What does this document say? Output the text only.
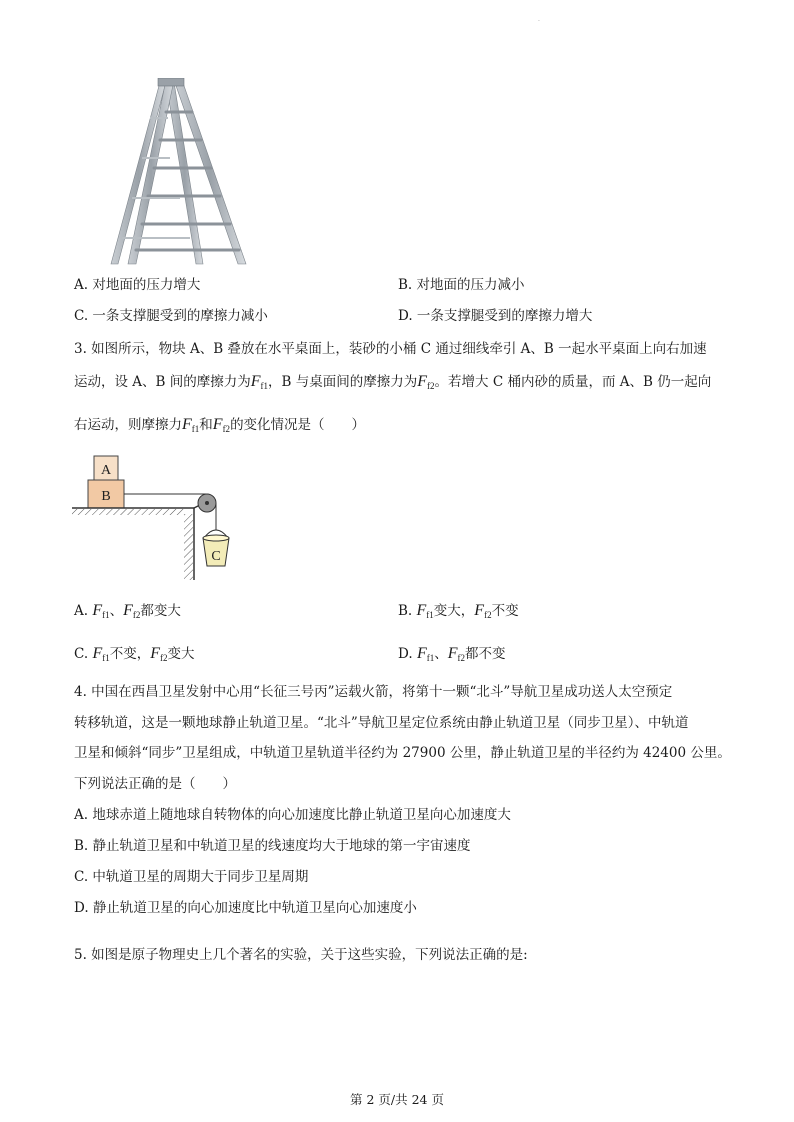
.
A. 对地面的压力增大	B. 对地面的压力减小
C. 一条支撑腿受到的摩擦力减小	D. 一条支撑腿受到的摩擦力增大
3. 如图所示，物块 A、B 叠放在水平桌面上，装砂的小桶 C 通过细线牵引 A、B 一起水平桌面上向右加速
运动，设 A、B 间的摩擦力为$F_{f1}$，B 与桌面间的摩擦力为$F_{f2}$。若增大 C 桶内砂的质量，而 A、B 仍一起向
右运动，则摩擦力$F_{f1}$和$F_{f2}$的变化情况是（　　）
A
B
C
A. $F_{f1}$、$F_{f2}$都变大	B. $F_{f1}$变大，$F_{f2}$不变
C. $F_{f1}$不变，$F_{f2}$变大	D. $F_{f1}$、$F_{f2}$都不变
4. 中国在西昌卫星发射中心用“长征三号丙”运载火箭，将第十一颗“北斗”导航卫星成功送人太空预定
转移轨道，这是一颗地球静止轨道卫星。“北斗”导航卫星定位系统由静止轨道卫星（同步卫星）、中轨道
卫星和倾斜“同步”卫星组成，中轨道卫星轨道半径约为 27900 公里，静止轨道卫星的半径约为 42400 公里。
下列说法正确的是（　　）
A. 地球赤道上随地球自转物体的向心加速度比静止轨道卫星向心加速度大
B. 静止轨道卫星和中轨道卫星的线速度均大于地球的第一宇宙速度
C. 中轨道卫星的周期大于同步卫星周期
D. 静止轨道卫星的向心加速度比中轨道卫星向心加速度小
5. 如图是原子物理史上几个著名的实验，关于这些实验，下列说法正确的是:
第 2 页/共 24 页
